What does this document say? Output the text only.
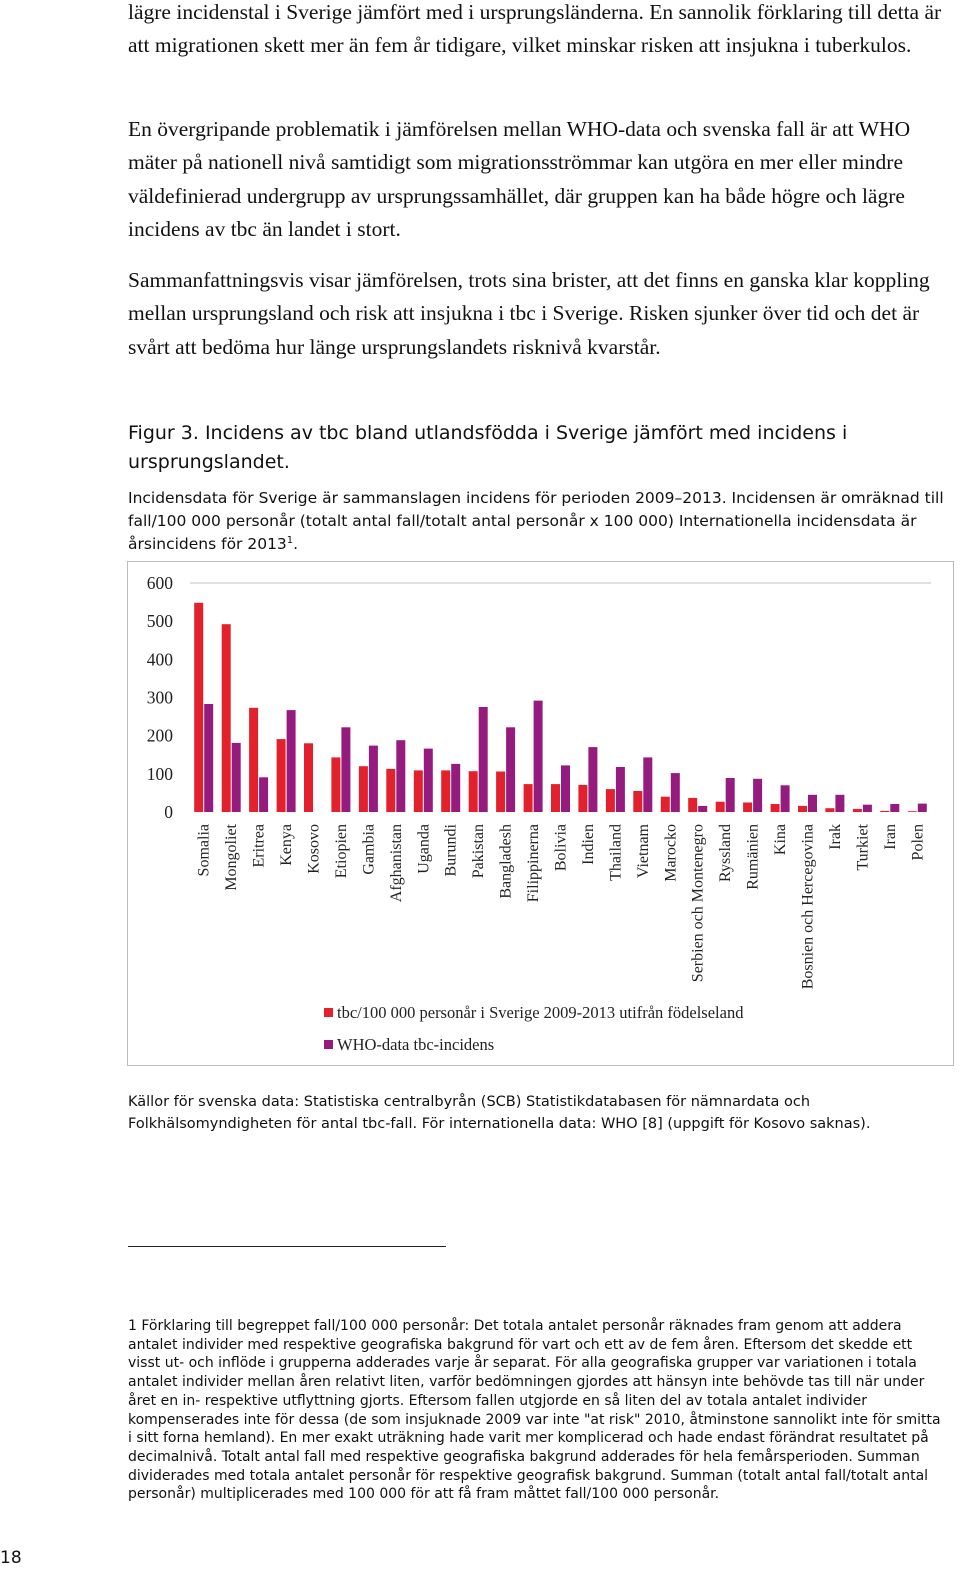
lägre incidenstal i Sverige jämfört med i ursprungsländerna. En sannolik förklaring till detta är att migrationen skett mer än fem år tidigare, vilket minskar risken att insjukna i tuberkulos.

En övergripande problematik i jämförelsen mellan WHO-data och svenska fall är att WHO mäter på nationell nivå samtidigt som migrationsströmmar kan utgöra en mer eller mindre väldefinierad undergrupp av ursprungssamhället, där gruppen kan ha både högre och lägre incidens av tbc än landet i stort.

Sammanfattningsvis visar jämförelsen, trots sina brister, att det finns en ganska klar koppling mellan ursprungsland och risk att insjukna i tbc i Sverige. Risken sjunker över tid och det är svårt att bedöma hur länge ursprungslandets risknivå kvarstår.

Figur 3. Incidens av tbc bland utlandsfödda i Sverige jämfört med incidens i ursprungslandet.

Incidensdata för Sverige är sammanslagen incidens för perioden 2009–2013. Incidensen är omräknad till fall/100 000 personår (totalt antal fall/totalt antal personår x 100 000) Internationella incidensdata är årsincidens för 2013$^1$.

0
100
200
300
400
500
600
Somalia Mongoliet Eritrea Kenya Kosovo Etiopien Gambia Afghanistan Uganda Burundi Pakistan Bangladesh Filippinerna Bolivia Indien Thailand Vietnam Marocko Serbien och Montenegro Ryssland Rumänien Kina Bosnien och Hercegovina Irak Turkiet Iran Polen
tbc/100 000 personår i Sverige 2009-2013 utifrån födelseland
WHO-data tbc-incidens

Källor för svenska data: Statistiska centralbyrån (SCB) Statistikdatabasen för nämnardata och Folkhälsomyndigheten för antal tbc-fall. För internationella data: WHO [8] (uppgift för Kosovo saknas).

1 Förklaring till begreppet fall/100 000 personår: Det totala antalet personår räknades fram genom att addera antalet individer med respektive geografiska bakgrund för vart och ett av de fem åren. Eftersom det skedde ett visst ut- och inflöde i grupperna adderades varje år separat. För alla geografiska grupper var variationen i totala antalet individer mellan åren relativt liten, varför bedömningen gjordes att hänsyn inte behövde tas till när under året en in- respektive utflyttning gjorts. Eftersom fallen utgjorde en så liten del av totala antalet individer kompenserades inte för dessa (de som insjuknade 2009 var inte "at risk" 2010, åtminstone sannolikt inte för smitta i sitt forna hemland). En mer exakt uträkning hade varit mer komplicerad och hade endast förändrat resultatet på decimalnivå. Totalt antal fall med respektive geografiska bakgrund adderades för hela femårsperioden. Summan dividerades med totala antalet personår för respektive geografisk bakgrund. Summan (totalt antal fall/totalt antal personår) multiplicerades med 100 000 för att få fram måttet fall/100 000 personår.

18
